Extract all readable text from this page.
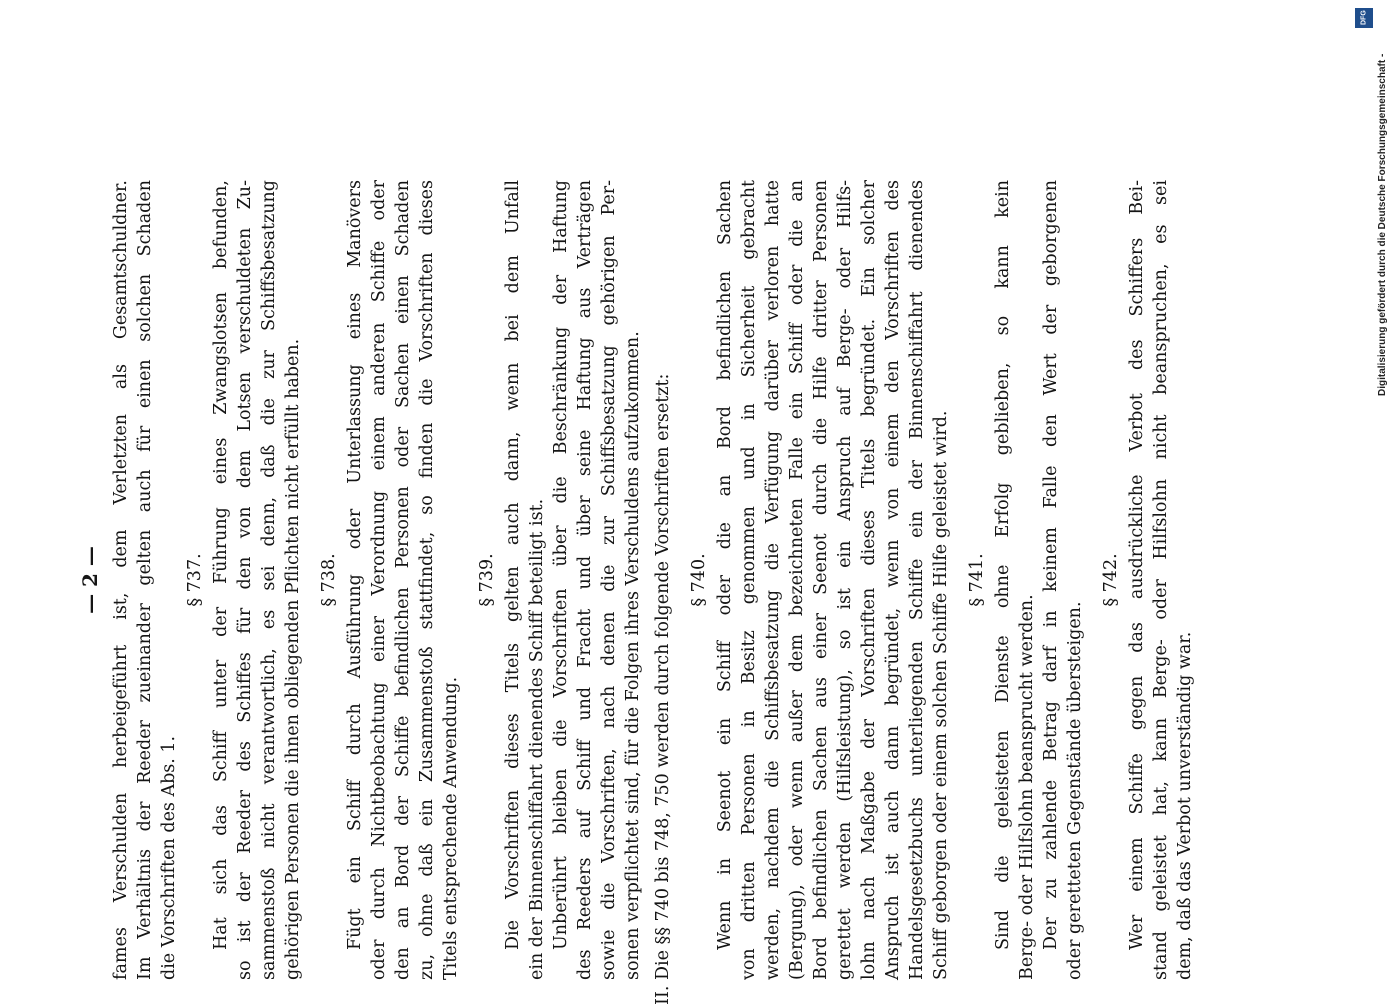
— 2 — fames Verschulden herbeigeführt ist, dem Verletzten als Gesamtschuldner. Im Verhältnis der Reeder zueinander gelten auch für einen solchen Schaden die Vorschriften des Abs. 1.
§ 737. Hat sich das Schiff unter der Führung eines Zwangslotsen befunden, so ist der Reeder des Schiffes für den von dem Lotsen verschuldeten Zu- sammenstoß nicht verantwortlich, es sei denn, daß die zur Schiffsbesatzung gehörigen Personen die ihnen obliegenden Pflichten nicht erfüllt haben. § 738. Fügt ein Schiff durch Ausführung oder Unterlassung eines Manövers oder durch Nichtbeobachtung einer Verordnung einem anderen Schiffe oder den an Bord der Schiffe befindlichen Personen oder Sachen einen Schaden zu, ohne daß ein Zusammenstoß stattfindet, so finden die Vorschriften dieses Titels entsprechende Anwendung.
§ 739. Die Vorschriften dieses Titels gelten auch dann, wenn bei dem Unfall ein der Binnenschiffahrt dienendes Schiff beteiligt ist. Unberührt bleiben die Vorschriften über die Beschränkung der Haftung des Reeders auf Schiff und Fracht und über seine Haftung aus Verträgen sowie die Vorschriften, nach denen die zur Schiffsbesatzung gehörigen Per- sonen verpflichtet sind, für die Folgen ihres Verschuldens aufzukommen. II. Die §§ 740 bis 748, 750 werden durch folgende Vorschriften ersetzt: § 740. Wenn in Seenot ein Schiff oder die an Bord befindlichen Sachen von dritten Personen in Besitz genommen und in Sicherheit gebracht werden, nachdem die Schiffsbesatzung die Verfügung darüber verloren hatte (Bergung), oder wenn außer dem bezeichneten Falle ein Schiff oder die an Bord befindlichen Sachen aus einer Seenot durch die Hilfe dritter Personen gerettet werden (Hilfsleistung), so ist ein Anspruch auf Berge- oder Hilfs- lohn nach Maßgabe der Vorschriften dieses Titels begründet. Ein solcher Anspruch ist auch dann begründet, wenn von einem den Vorschriften des Handelsgesetzbuchs unterliegenden Schiffe ein der Binnenschiffahrt dienendes Schiff geborgen oder einem solchen Schiffe Hilfe geleistet wird. § 741. Sind die geleisteten Dienste ohne Erfolg geblieben, so kann kein Berge- oder Hilfslohn beansprucht werden. Der zu zahlende Betrag darf in keinem Falle den Wert der geborgenen oder geretteten Gegenstände übersteigen.
§ 742. Wer einem Schiffe gegen das ausdrückliche Verbot des Schiffers Bei- stand geleistet hat, kann Berge- oder Hilfslohn nicht beanspruchen, es sei dem, daß das Verbot unverständig war.
DFG
Digitalisierung gefördert durch die Deutsche Forschungsgemeinschaft -
